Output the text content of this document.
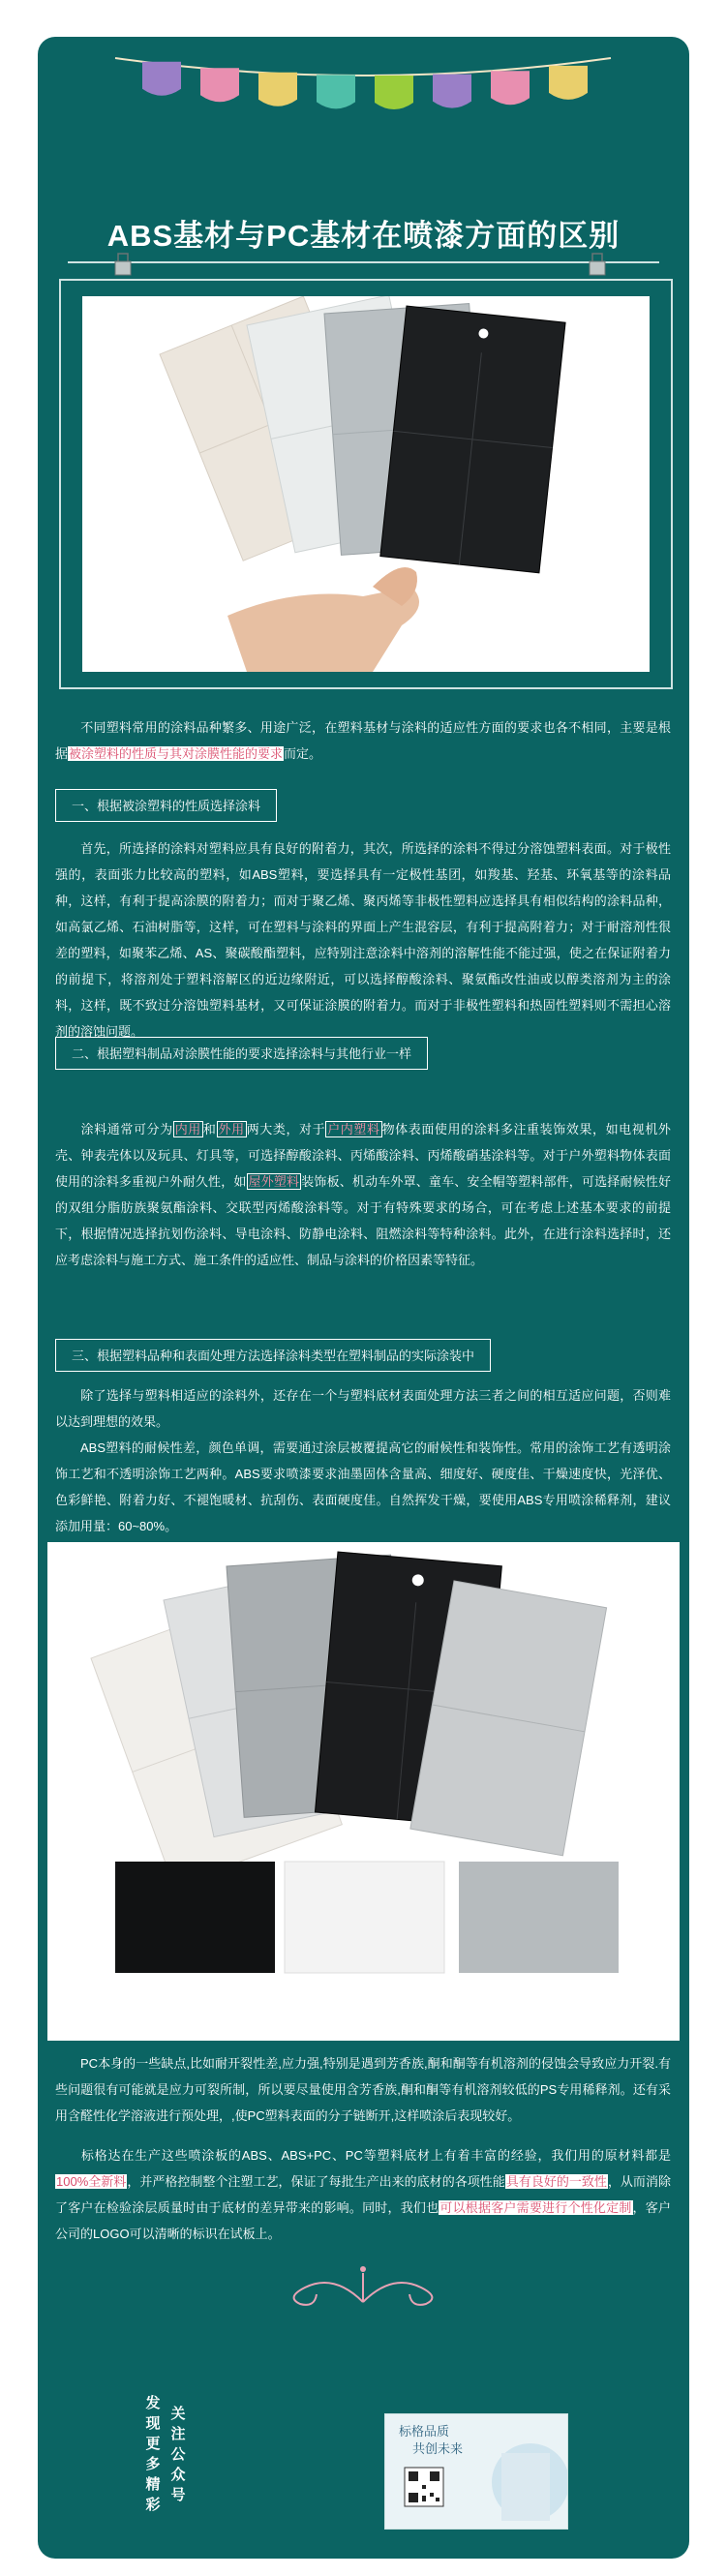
ABS基材与PC基材在喷漆方面的区别
不同塑料常用的涂料品种繁多、用途广泛，在塑料基材与涂料的适应性方面的要求也各不相同，主要是根据被涂塑料的性质与其对涂膜性能的要求而定。
一、根据被涂塑料的性质选择涂料
首先，所选择的涂料对塑料应具有良好的附着力，其次，所选择的涂料不得过分溶蚀塑料表面。对于极性强的，表面张力比较高的塑料，如ABS塑料，要选择具有一定极性基团，如羧基、羟基、环氧基等的涂料品种，这样，有利于提高涂膜的附着力；而对于聚乙烯、聚丙烯等非极性塑料应选择具有相似结构的涂料品种，如高氯乙烯、石油树脂等，这样，可在塑料与涂料的界面上产生混容层，有利于提高附着力；对于耐溶剂性很差的塑料，如聚苯乙烯、AS、聚碳酸酯塑料，应特别注意涂料中溶剂的溶解性能不能过强，使之在保证附着力的前提下，将溶剂处于塑料溶解区的近边缘附近，可以选择醇酸涂料、聚氨酯改性油或以醇类溶剂为主的涂料，这样，既不致过分溶蚀塑料基材，又可保证涂膜的附着力。而对于非极性塑料和热固性塑料则不需担心溶剂的溶蚀问题。
二、根据塑料制品对涂膜性能的要求选择涂料与其他行业一样
涂料通常可分为 内用 和 外用 两大类，对于 户内塑料 物体表面使用的涂料多注重装饰效果，如电视机外壳、钟表壳体以及玩具、灯具等，可选择醇酸涂料、丙烯酸涂料、丙烯酸硝基涂料等。对于户外塑料物体表面使用的涂料多重视户外耐久性，如 屋外塑料 装饰板、机动车外罩、童车、安全帽等塑料部件，可选择耐候性好的双组分脂肪族聚氨酯涂料、交联型丙烯酸涂料等。对于有特殊要求的场合，可在考虑上述基本要求的前提下，根据情况选择抗划伤涂料、导电涂料、防静电涂料、阻燃涂料等特种涂料。此外，在进行涂料选择时，还应考虑涂料与施工方式、施工条件的适应性、制品与涂料的价格因素等特征。
三、根据塑料品种和表面处理方法选择涂料类型在塑料制品的实际涂装中
除了选择与塑料相适应的涂料外，还存在一个与塑料底材表面处理方法三者之间的相互适应问题，否则难以达到理想的效果。
ABS塑料的耐候性差，颜色单调，需要通过涂层被覆提高它的耐候性和装饰性。常用的涂饰工艺有透明涂饰工艺和不透明涂饰工艺两种。ABS要求喷漆要求油墨固体含量高、细度好、硬度佳、干燥速度快，光泽优、色彩鲜艳、附着力好、不褪饱暖材、抗刮伤、表面硬度佳。自然挥发干燥，要使用ABS专用喷涂稀释剂，建议添加用量：60~80%。
PC本身的一些缺点,比如耐开裂性差,应力强,特别是遇到芳香族,酮和酮等有机溶剂的侵蚀会导致应力开裂.有些问题很有可能就是应力可裂所制，所以要尽量使用含芳香族,酮和酮等有机溶剂较低的PS专用稀释剂。还有采用含醛性化学溶液进行预处理，,使PC塑料表面的分子链断开,这样喷涂后表现较好。
标格达在生产这些喷涂板的ABS、ABS+PC、PC等塑料底材上有着丰富的经验，我们用的原材料都是100%全新料，并严格控制整个注塑工艺，保证了每批生产出来的底材的各项性能具有良好的一致性，从而消除了客户在检验涂层质量时由于底材的差异带来的影响。同时，我们也可以根据客户需要进行个性化定制，客户公司的LOGO可以清晰的标识在试板上。
发
现
更
多
精
彩
关
注
公
众
号
标格品质
共创未来
